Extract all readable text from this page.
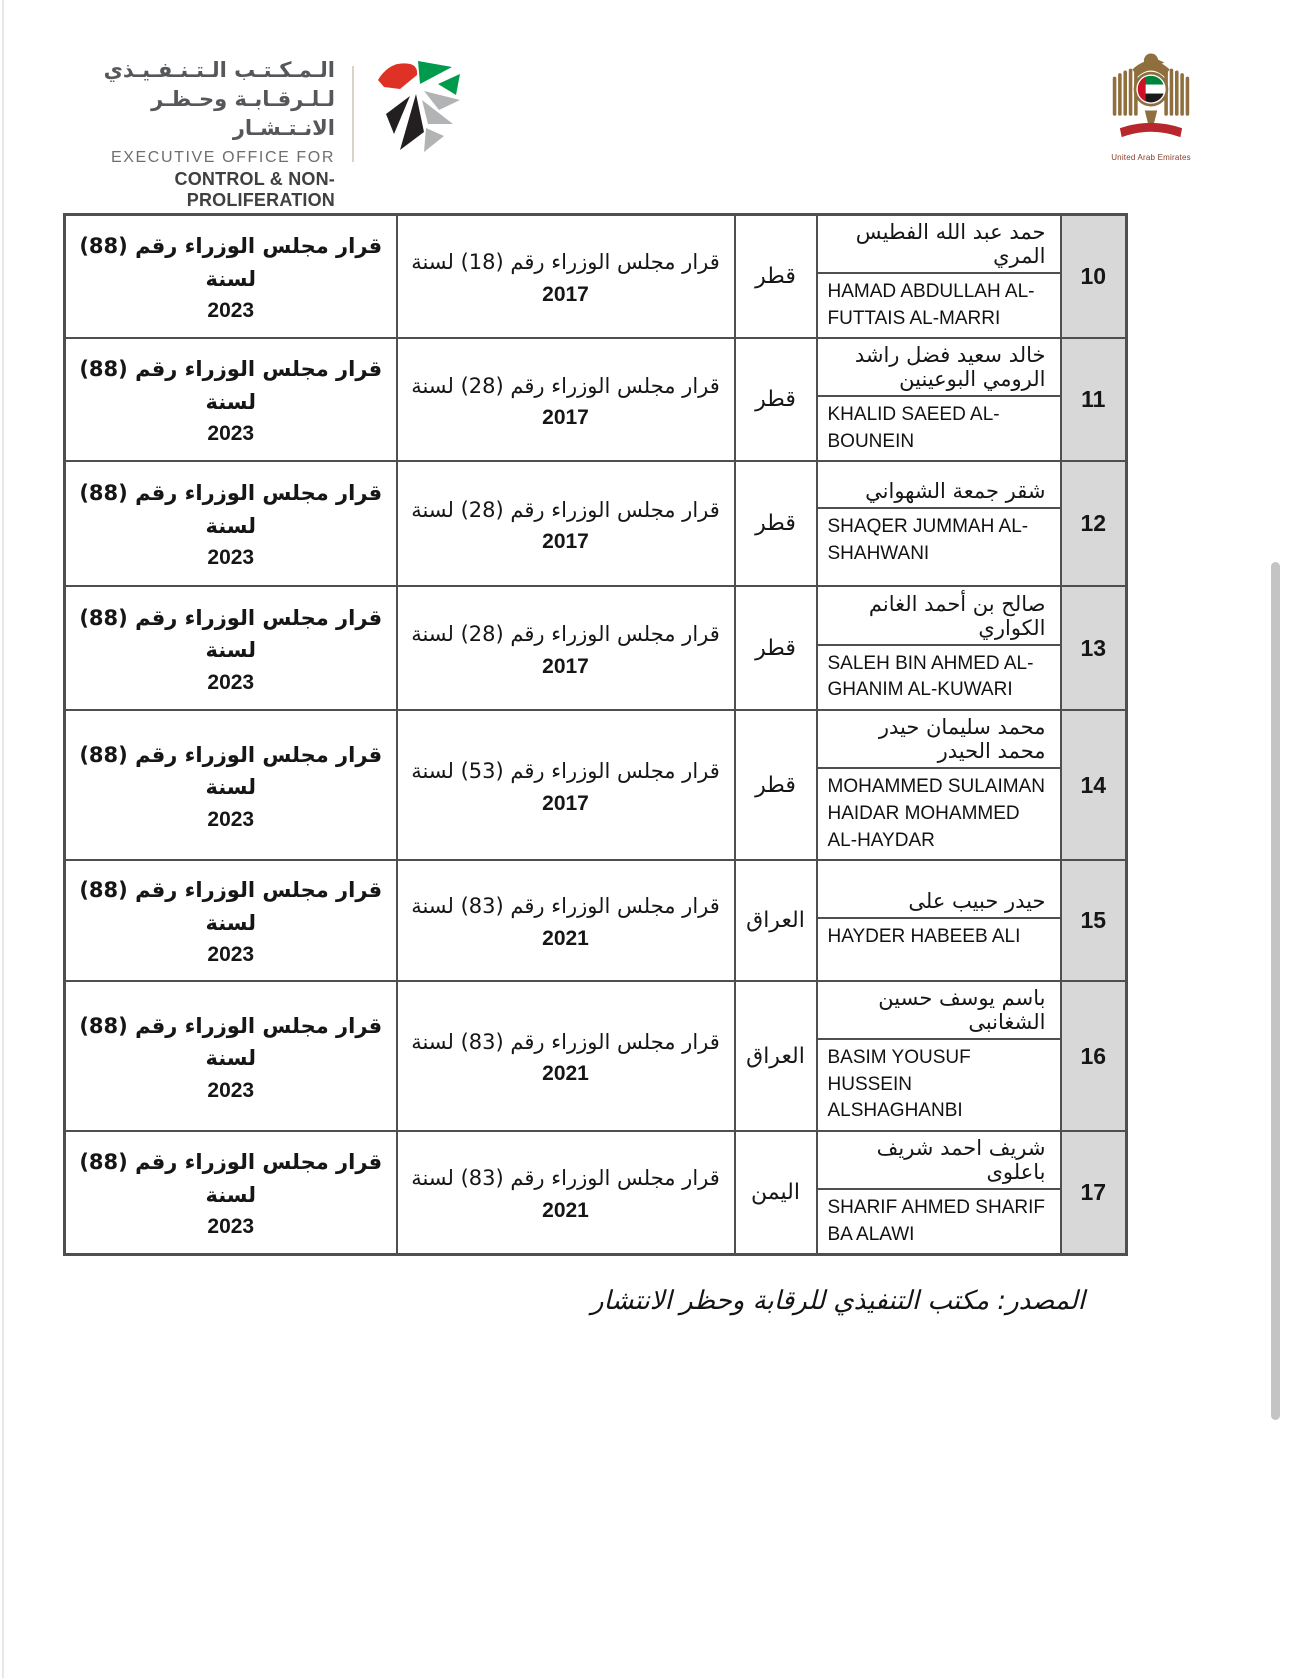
الـمـكـتـب الـتـنـفـيـذي
لـلـرقـابـة وحـظـر الانـتـشـار
EXECUTIVE OFFICE FOR
CONTROL & NON-PROLIFERATION
United Arab Emirates
10	
حمد عبد الله الفطيس المري
HAMAD ABDULLAH AL-FUTTAIS AL-MARRI
	قطر	
قرار مجلس الوزراء رقم (18) لسنة
2017

قرار مجلس الوزراء رقم (88) لسنة
2023

11	
خالد سعيد فضل راشد الرومي البوعينين
KHALID SAEED AL-BOUNEIN
	قطر	
قرار مجلس الوزراء رقم (28) لسنة
2017

قرار مجلس الوزراء رقم (88) لسنة
2023

12	
شقر جمعة الشهواني
SHAQER JUMMAH AL-SHAHWANI
	قطر	
قرار مجلس الوزراء رقم (28) لسنة
2017

قرار مجلس الوزراء رقم (88) لسنة
2023

13	
صالح بن أحمد الغانم الكواري
SALEH BIN AHMED AL-GHANIM AL-KUWARI
	قطر	
قرار مجلس الوزراء رقم (28) لسنة
2017

قرار مجلس الوزراء رقم (88) لسنة
2023

14	
محمد سليمان حيدر محمد الحيدر
MOHAMMED SULAIMAN HAIDAR MOHAMMED AL-HAYDAR
	قطر	
قرار مجلس الوزراء رقم (53) لسنة
2017

قرار مجلس الوزراء رقم (88) لسنة
2023

15	
حيدر حبيب على
HAYDER HABEEB ALI
	العراق	
قرار مجلس الوزراء رقم (83) لسنة
2021

قرار مجلس الوزراء رقم (88) لسنة
2023

16	
باسم يوسف حسين الشغانبى
BASIM YOUSUF HUSSEIN ALSHAGHANBI
	العراق	
قرار مجلس الوزراء رقم (83) لسنة
2021

قرار مجلس الوزراء رقم (88) لسنة
2023

17	
شريف احمد شريف باعلوى
SHARIF AHMED SHARIF BA ALAWI
	اليمن	
قرار مجلس الوزراء رقم (83) لسنة
2021

قرار مجلس الوزراء رقم (88) لسنة
2023
المصدر: مكتب التنفيذي للرقابة وحظر الانتشار
